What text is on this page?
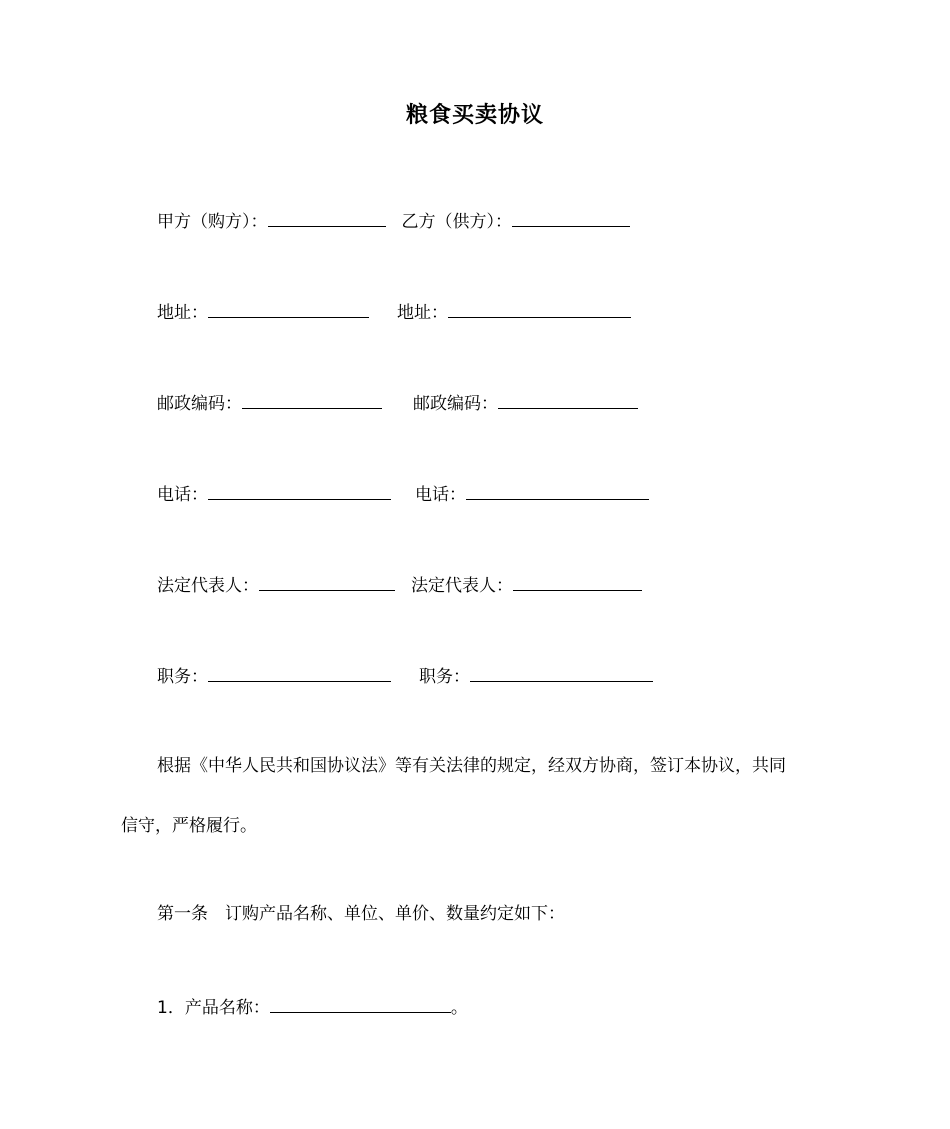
粮食买卖协议
甲方（购方）：	乙方（供方）：
地址：	地址：
邮政编码：	邮政编码：
电话：	电话：
法定代表人：	法定代表人：
职务：	职务：
根据《中华人民共和国协议法》等有关法律的规定，经双方协商，签订本协议，共同
信守，严格履行。
第一条　订购产品名称、单位、单价、数量约定如下：
1．产品名称：	。
